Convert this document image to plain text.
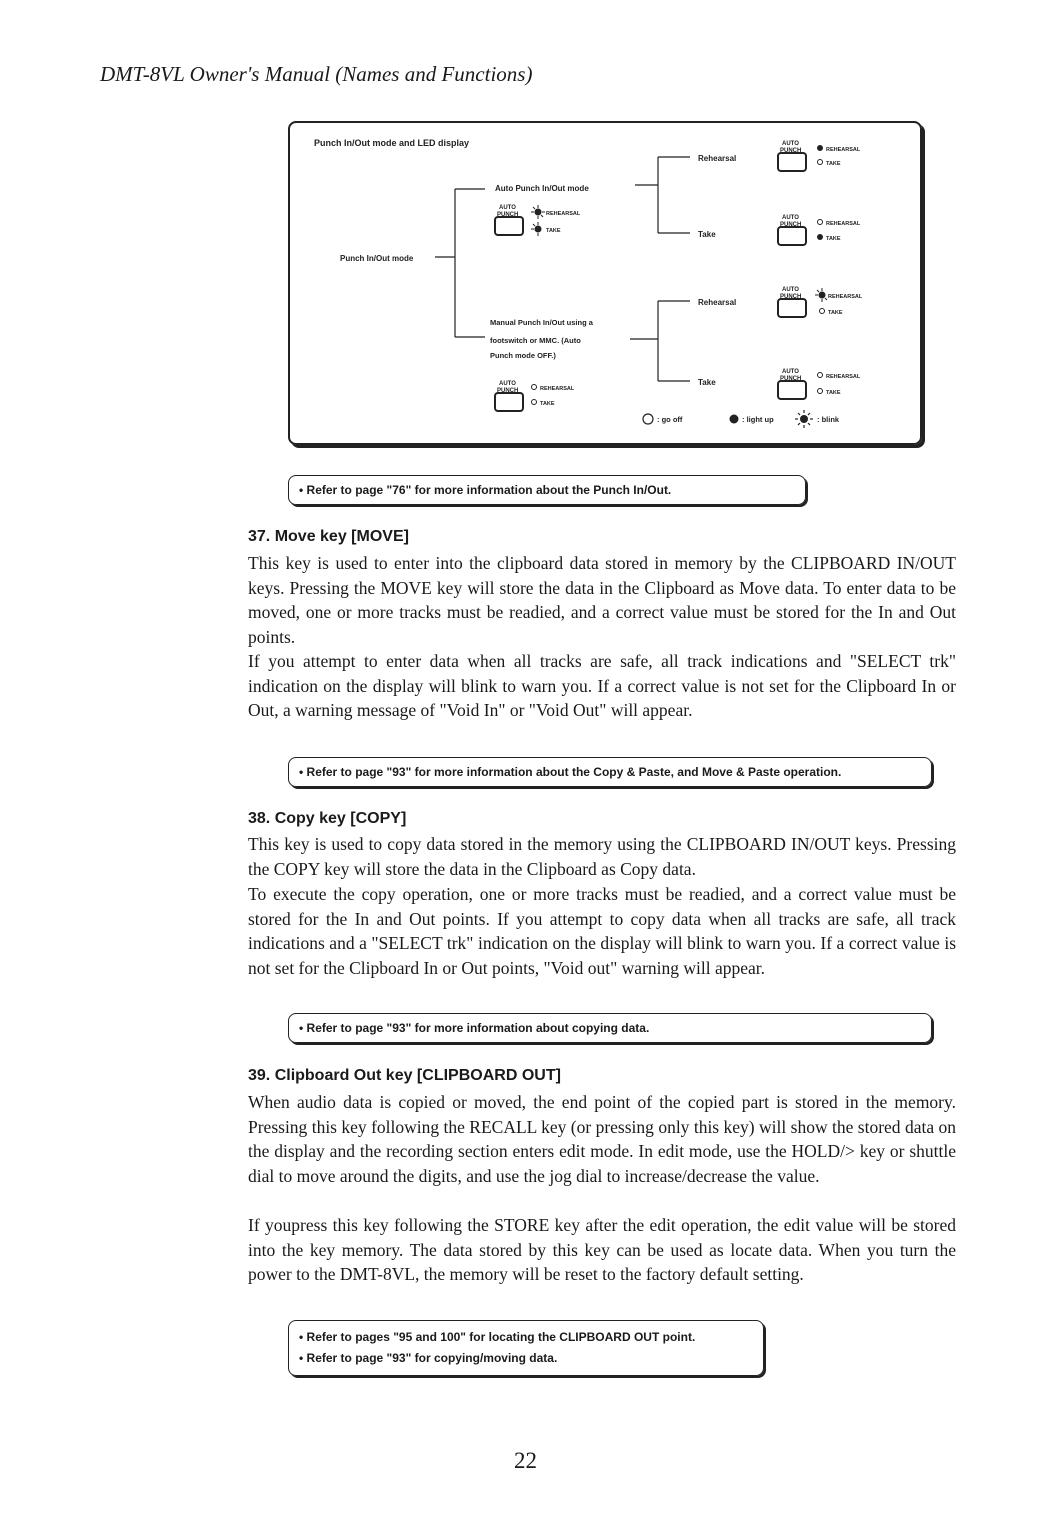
DMT-8VL Owner's Manual (Names and Functions)
Punch In/Out mode and LED display
Punch In/Out mode
Auto Punch In/Out mode
Manual Punch In/Out using a
footswitch or MMC. (Auto
Punch mode OFF.)
Rehearsal
Take
Rehearsal
Take
AUTO
PUNCH	REHEARSAL
TAKE
AUTO
PUNCH	REHEARSAL
TAKE
AUTO
PUNCH	REHEARSAL
TAKE
AUTO
PUNCH	REHEARSAL
TAKE
AUTO
PUNCH	REHEARSAL
TAKE
AUTO
PUNCH	REHEARSAL
TAKE
: go off	: light up	: blink
• Refer to page "76" for more information about the Punch In/Out.
37. Move key [MOVE]

This key is used to enter into the clipboard data stored in memory by the CLIPBOARD IN/OUT keys. Pressing the MOVE key will store the data in the Clipboard as Move data. To enter data to be moved, one or more tracks must be readied, and a correct value must be stored for the In and Out points.

If you attempt to enter data when all tracks are safe, all track indications and "SELECT trk" indication on the display will blink to warn you. If a correct value is not set for the Clipboard In or Out, a warning message of "Void In" or "Void Out" will appear.

• Refer to page "93" for more information about the Copy & Paste, and Move & Paste operation.
38. Copy key [COPY]

This key is used to copy data stored in the memory using the CLIPBOARD IN/OUT keys. Pressing the COPY key will store the data in the Clipboard as Copy data.

To execute the copy operation, one or more tracks must be readied, and a correct value must be stored for the In and Out points. If you attempt to copy data when all tracks are safe, all track indications and a "SELECT trk" indication on the display will blink to warn you. If a correct value is not set for the Clipboard In or Out points, "Void out" warning will appear.

• Refer to page "93" for more information about copying data.
39. Clipboard Out key [CLIPBOARD OUT]

When audio data is copied or moved, the end point of the copied part is stored in the memory. Pressing this key following the RECALL key (or pressing only this key) will show the stored data on the display and the recording section enters edit mode. In edit mode, use the HOLD/> key or shuttle dial to move around the digits, and use the jog dial to increase/decrease the value.

If youpress this key following the STORE key after the edit operation, the edit value will be stored into the key memory. The data stored by this key can be used as locate data. When you turn the power to the DMT-8VL, the memory will be reset to the factory default setting.

• Refer to pages "95 and 100" for locating the CLIPBOARD OUT point.
• Refer to page "93" for copying/moving data.
22
